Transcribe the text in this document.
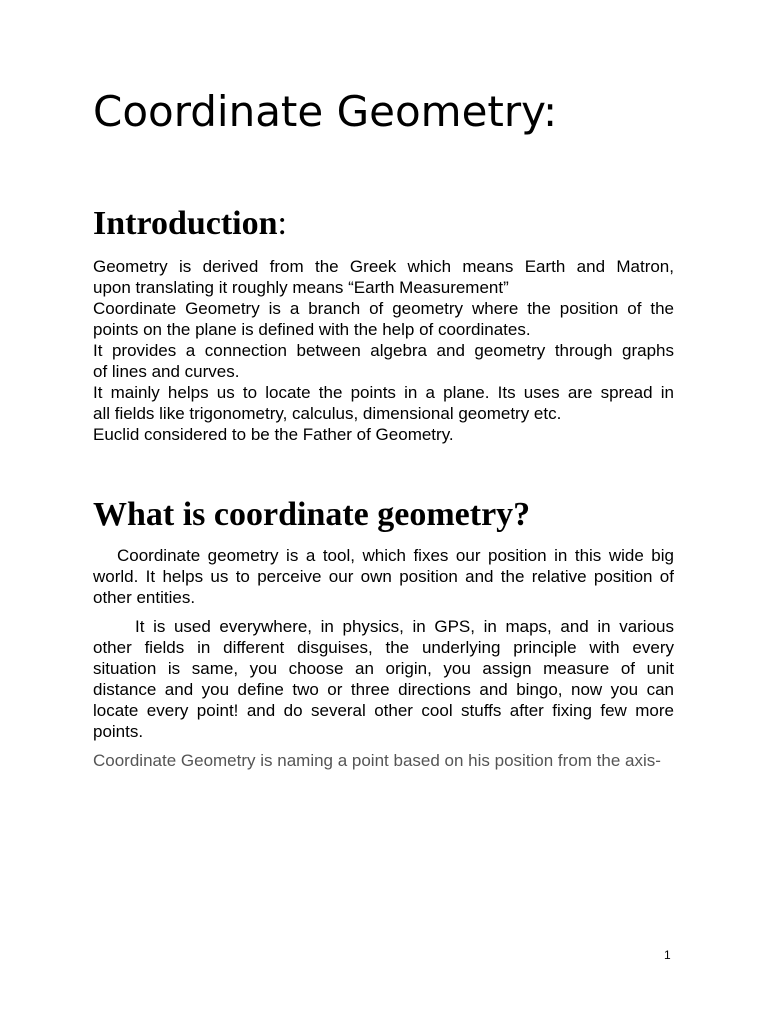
Coordinate Geometry:
Introduction:

Geometry is derived from the Greek which means Earth and Matron,

upon translating it roughly means “Earth Measurement”

Coordinate Geometry is a branch of geometry where the position of the

points on the plane is defined with the help of coordinates.

It provides a connection between algebra and geometry through graphs

of lines and curves.

It mainly helps us to locate the points in a plane. Its uses are spread in

all fields like trigonometry, calculus, dimensional geometry etc.

Euclid considered to be the Father of Geometry.

What is coordinate geometry?

Coordinate geometry is a tool, which fixes our position in this wide big

world. It helps us to perceive our own position and the relative position of

other entities.

It is used everywhere, in physics, in GPS, in maps, and in various

other fields in different disguises, the underlying principle with every

situation is same, you choose an origin, you assign measure of unit

distance and you define two or three directions and bingo, now you can

locate every point! and do several other cool stuffs after fixing few more

points.

Coordinate Geometry is naming a point based on his position from the axis-

1
